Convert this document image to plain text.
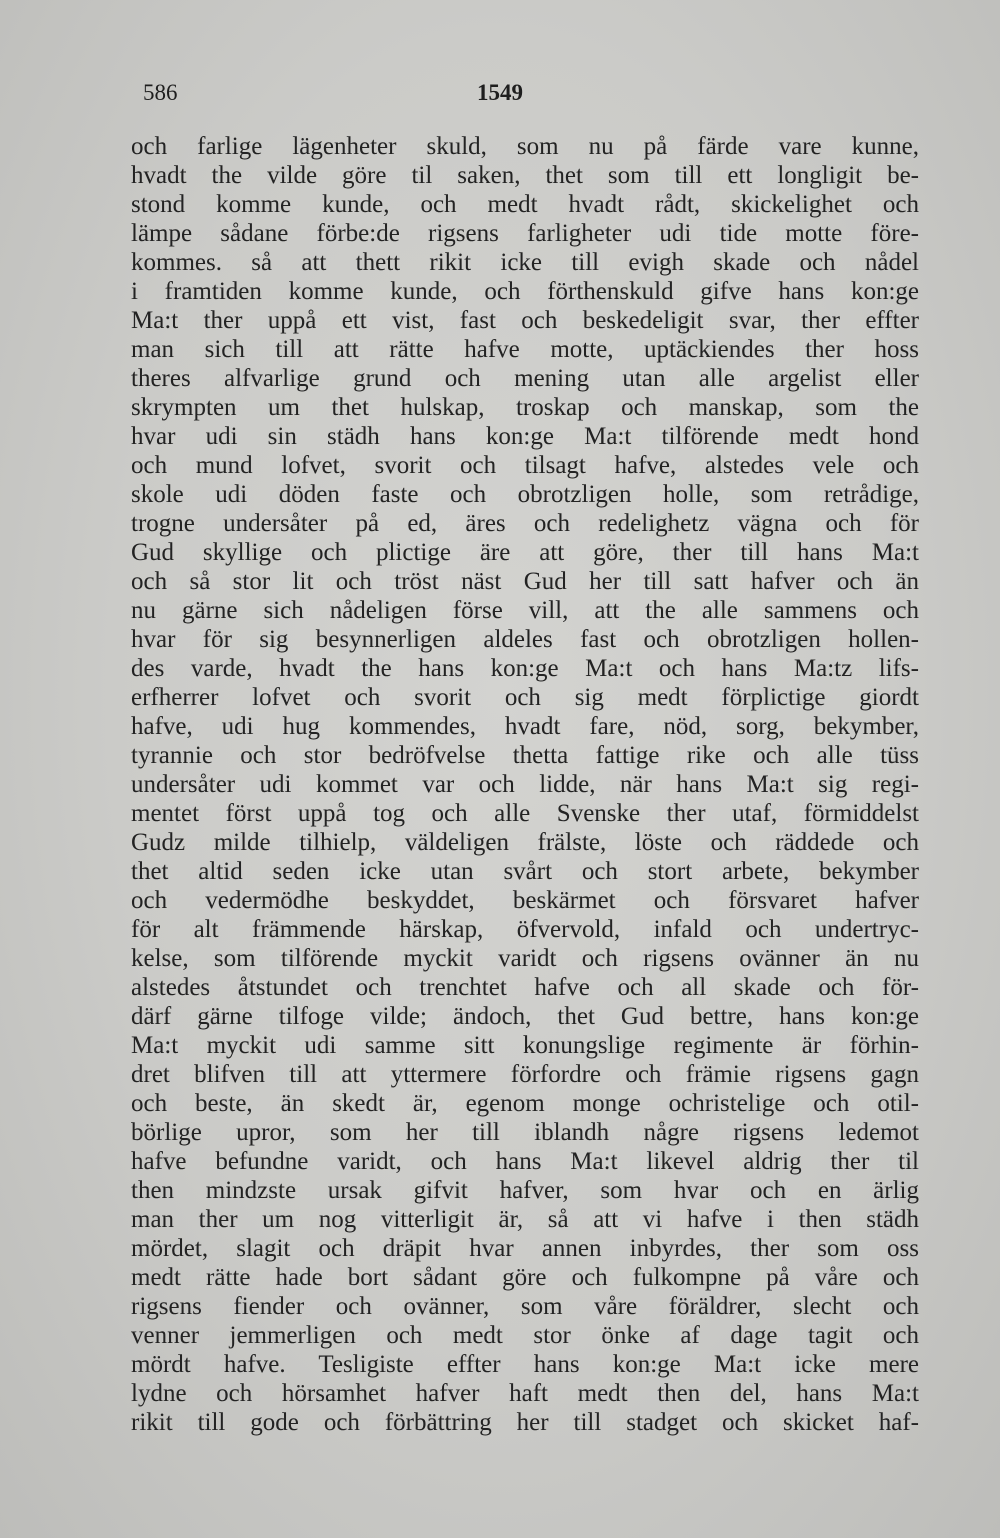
586	1549
och farlige lägenheter skuld, som nu på färde vare kunne,
hvadt the vilde göre til saken, thet som till ett longligit be-
stond komme kunde, och medt hvadt rådt, skickelighet och
lämpe sådane förbe:de rigsens farligheter udi tide motte före-
kommes. så att thett rikit icke till evigh skade och nådel
i framtiden komme kunde, och förthenskuld gifve hans kon:ge
Ma:t ther uppå ett vist, fast och beskedeligit svar, ther effter
man sich till att rätte hafve motte, uptäckiendes ther hoss
theres alfvarlige grund och mening utan alle argelist eller
skrympten um thet hulskap, troskap och manskap, som the
hvar udi sin städh hans kon:ge Ma:t tilförende medt hond
och mund lofvet, svorit och tilsagt hafve, alstedes vele och
skole udi döden faste och obrotzligen holle, som retrådige,
trogne undersåter på ed, äres och redelighetz vägna och för
Gud skyllige och plictige äre att göre, ther till hans Ma:t
och så stor lit och tröst näst Gud her till satt hafver och än
nu gärne sich nådeligen förse vill, att the alle sammens och
hvar för sig besynnerligen aldeles fast och obrotzligen hollen-
des varde, hvadt the hans kon:ge Ma:t och hans Ma:tz lifs-
erfherrer lofvet och svorit och sig medt förplictige giordt
hafve, udi hug kommendes, hvadt fare, nöd, sorg, bekymber,
tyrannie och stor bedröfvelse thetta fattige rike och alle tüss
undersåter udi kommet var och lidde, när hans Ma:t sig regi-
mentet först uppå tog och alle Svenske ther utaf, förmiddelst
Gudz milde tilhielp, väldeligen frälste, löste och räddede och
thet altid seden icke utan svårt och stort arbete, bekymber
och vedermödhe beskyddet, beskärmet och försvaret hafver
för alt främmende härskap, öfvervold, infald och undertryc-
kelse, som tilförende myckit varidt och rigsens ovänner än nu
alstedes åtstundet och trenchtet hafve och all skade och för-
därf gärne tilfoge vilde; ändoch, thet Gud bettre, hans kon:ge
Ma:t myckit udi samme sitt konungslige regimente är förhin-
dret blifven till att yttermere förfordre och främie rigsens gagn
och beste, än skedt är, egenom monge ochristelige och otil-
börlige upror, som her till iblandh någre rigsens ledemot
hafve befundne varidt, och hans Ma:t likevel aldrig ther til
then mindzste ursak gifvit hafver, som hvar och en ärlig
man ther um nog vitterligit är, så att vi hafve i then städh
mördet, slagit och dräpit hvar annen inbyrdes, ther som oss
medt rätte hade bort sådant göre och fulkompne på våre och
rigsens fiender och ovänner, som våre föräldrer, slecht och
venner jemmerligen och medt stor önke af dage tagit och
mördt hafve. Tesligiste effter hans kon:ge Ma:t icke mere
lydne och hörsamhet hafver haft medt then del, hans Ma:t
rikit till gode och förbättring her till stadget och skicket haf-
